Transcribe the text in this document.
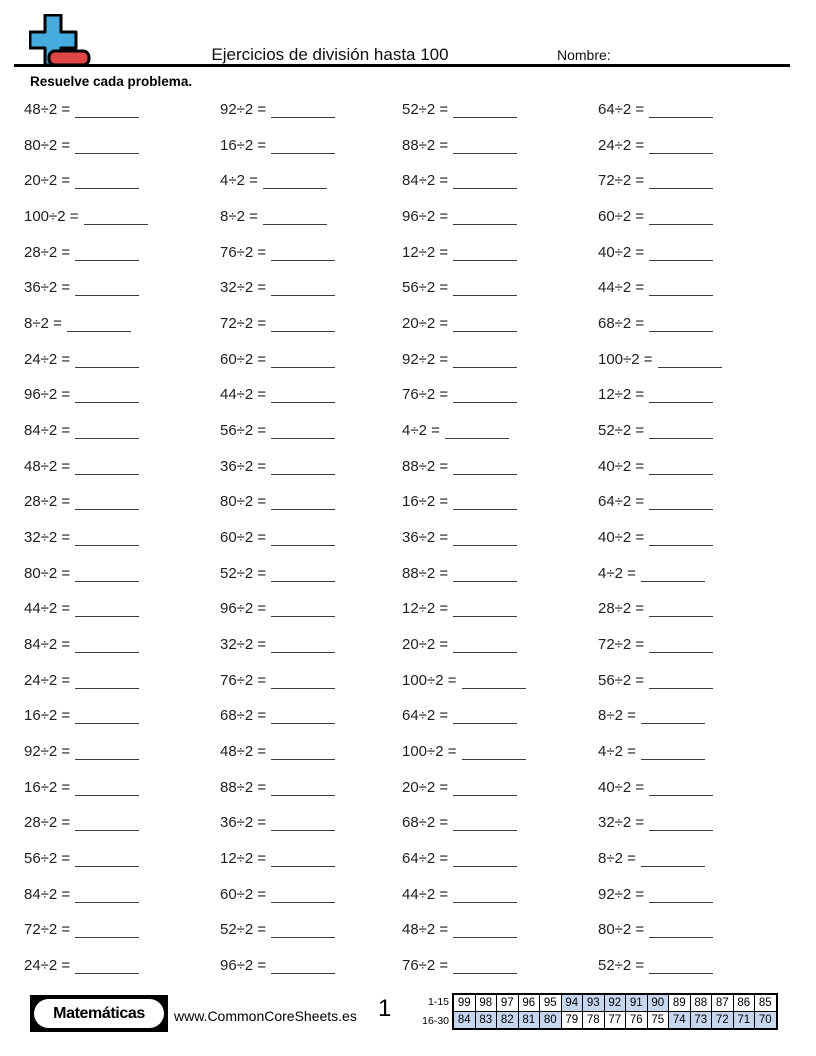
Ejercicios de división hasta 100	Nombre:
Resuelve cada problema.
48÷2 =	92÷2 =	52÷2 =	64÷2 =
80÷2 =	16÷2 =	88÷2 =	24÷2 =
20÷2 =	4÷2 =	84÷2 =	72÷2 =
100÷2 =	8÷2 =	96÷2 =	60÷2 =
28÷2 =	76÷2 =	12÷2 =	40÷2 =
36÷2 =	32÷2 =	56÷2 =	44÷2 =
8÷2 =	72÷2 =	20÷2 =	68÷2 =
24÷2 =	60÷2 =	92÷2 =	100÷2 =
96÷2 =	44÷2 =	76÷2 =	12÷2 =
84÷2 =	56÷2 =	4÷2 =	52÷2 =
48÷2 =	36÷2 =	88÷2 =	40÷2 =
28÷2 =	80÷2 =	16÷2 =	64÷2 =
32÷2 =	60÷2 =	36÷2 =	40÷2 =
80÷2 =	52÷2 =	88÷2 =	4÷2 =
44÷2 =	96÷2 =	12÷2 =	28÷2 =
84÷2 =	32÷2 =	20÷2 =	72÷2 =
24÷2 =	76÷2 =	100÷2 =	56÷2 =
16÷2 =	68÷2 =	64÷2 =	8÷2 =
92÷2 =	48÷2 =	100÷2 =	4÷2 =
16÷2 =	88÷2 =	20÷2 =	40÷2 =
28÷2 =	36÷2 =	68÷2 =	32÷2 =
56÷2 =	12÷2 =	64÷2 =	8÷2 =
84÷2 =	60÷2 =	44÷2 =	92÷2 =
72÷2 =	52÷2 =	48÷2 =	80÷2 =
24÷2 =	96÷2 =	76÷2 =	52÷2 =
Matemáticas	www.CommonCoreSheets.es 1	1-15
16-30
99	98	97	96	95	94	93	92	91	90	89	88	87	86	85
84	83	82	81	80	79	78	77	76	75	74	73	72	71	70
